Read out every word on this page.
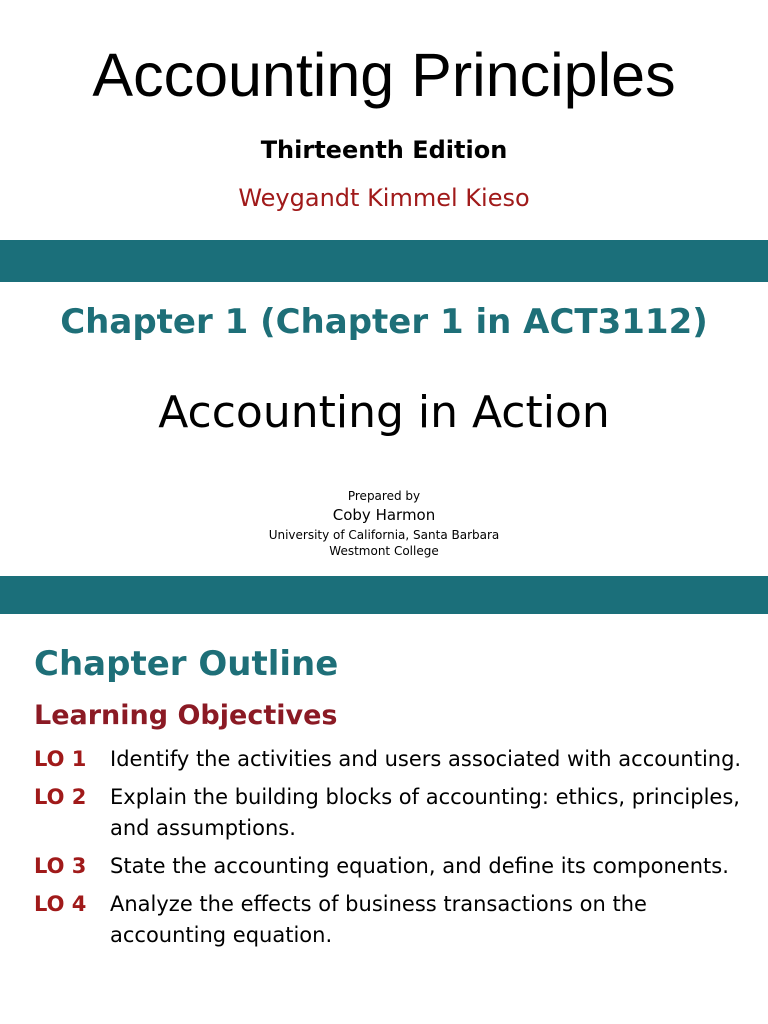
Accounting Principles
Thirteenth Edition
Weygandt Kimmel Kieso
Chapter 1 (Chapter 1 in ACT3112)
Accounting in Action
Prepared by
Coby Harmon
University of California, Santa Barbara
Westmont College
Chapter Outline
Learning Objectives
LO 1	Identify the activities and users associated with accounting.
LO 2	Explain the building blocks of accounting: ethics, principles, and assumptions.
LO 3	State the accounting equation, and define its components.
LO 4	Analyze the effects of business transactions on the accounting equation.
